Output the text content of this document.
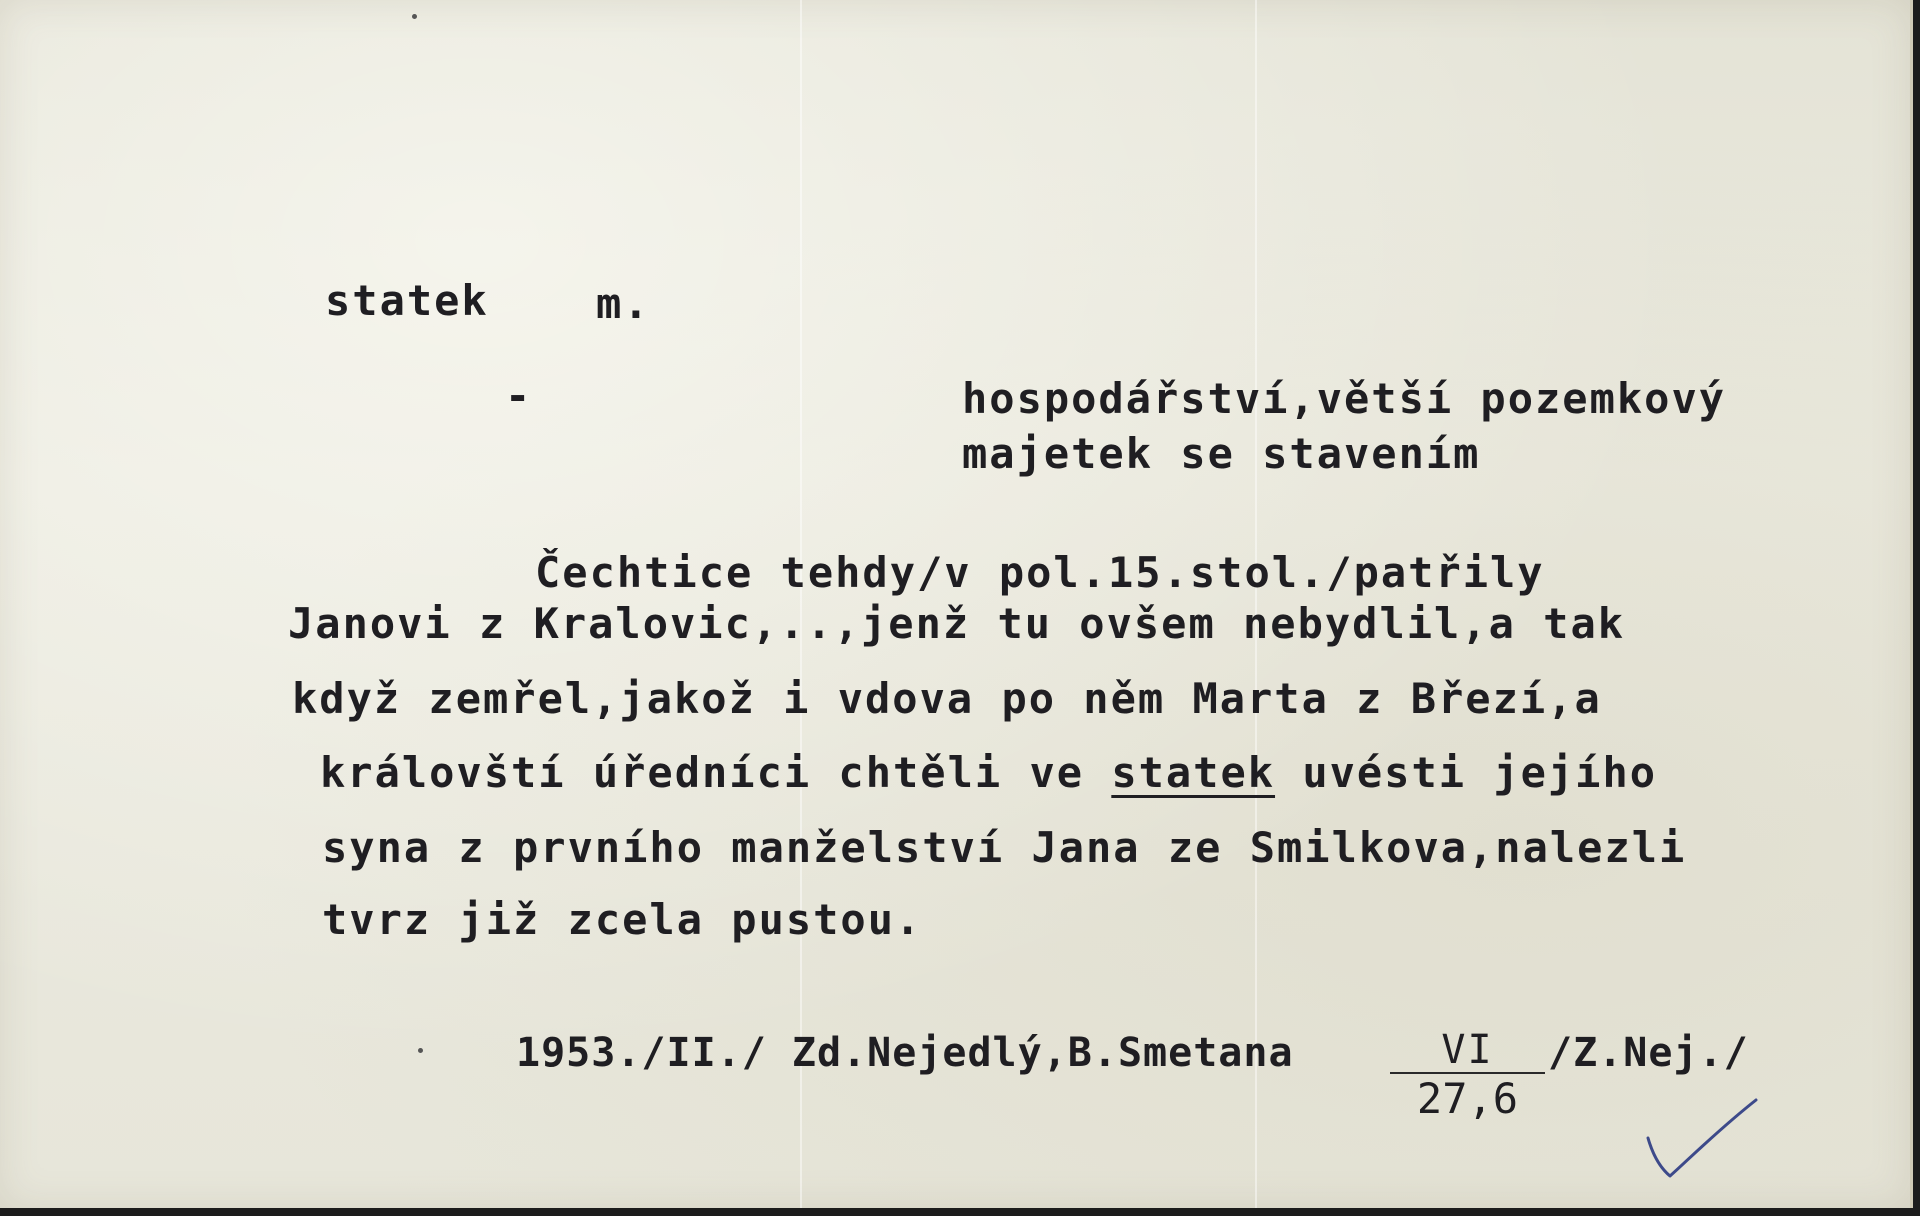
statek	m.
-	hospodářství,větší pozemkový
majetek se stavením
Čechtice tehdy/v pol.15.stol./patřily
Janovi z Kralovic,..,jenž tu ovšem nebydlil,a tak
když zemřel,jakož i vdova po něm Marta z Březí,a
královští úředníci chtěli ve statek uvésti jejího
syna z prvního manželství Jana ze Smilkova,nalezli
tvrz již zcela pustou.
1953./II./ Zd.Nejedlý,B.Smetana	VI
27,6
/Z.Nej./
